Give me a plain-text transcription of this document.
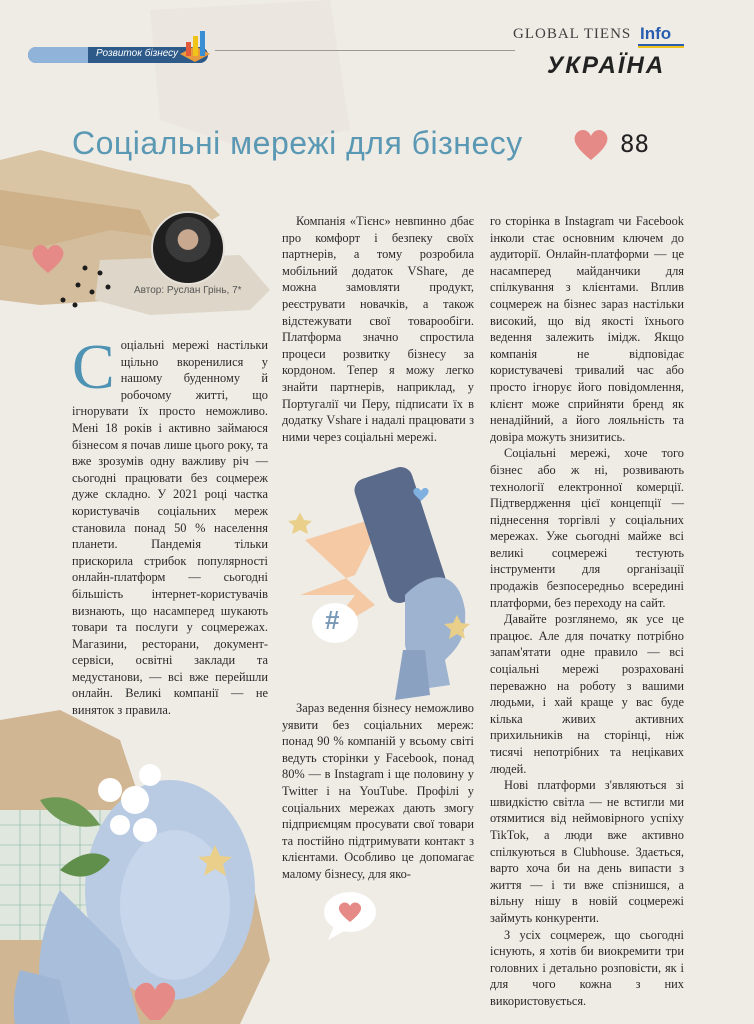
Розвиток бізнесу
GLOBAL TIENS Info
УКРАЇНА
Соціальні мережі для бізнесу	88
Автор: Руслан Грінь, 7*
С оціальні мережі настільки щільно вкоренилися у нашому буденному й робочому житті, що ігнорувати їх просто неможливо. Мені 18 років і активно займаюся бізнесом я почав лише цього року, та вже зрозумів одну важливу річ — сьогодні працювати без соцмереж дуже складно. У 2021 році частка користувачів соціальних мереж становила понад 50 % населення планети. Пандемія тільки прискорила стрибок популярності онлайн-платформ — сьогодні більшість інтернет-користувачів визнають, що насамперед шукають товари та послуги у соцмережах. Магазини, ресторани, документ-сервіси, освітні заклади та медустанови, — всі вже перейшли онлайн. Великі компанії — не виняток з правила.

Компанія «Тієнс» невпинно дбає про комфорт і безпеку своїх партнерів, а тому розробила мобільний додаток VShare, де можна замовляти продукт, реєструвати новачків, а також відстежувати свої товарообіги. Платформа значно спростила процеси розвитку бізнесу за кордоном. Тепер я можу легко знайти партнерів, наприклад, у Португалії чи Перу, підписати їх в додатку Vshare і надалі працювати з ними через соціальні мережі.

#

Зараз ведення бізнесу неможливо уявити без соціальних мереж: понад 90 % компаній у всьому світі ведуть сторінки у Facebook, понад 80% — в Instagram і ще половину у Twitter і на YouTube. Профілі у соціальних мережах дають змогу підприємцям просувати свої товари та постійно підтримувати контакт з клієнтами. Особливо це допомагає малому бізнесу, для яко-

го сторінка в Instagram чи Facebook інколи стає основним ключем до аудиторії. Онлайн-платформи — це насамперед майданчики для спілкування з клієнтами. Вплив соцмереж на бізнес зараз настільки високий, що від якості їхнього ведення залежить імідж. Якщо компанія не відповідає користувачеві тривалий час або просто ігнорує його повідомлення, клієнт може сприйняти бренд як ненадійний, а його лояльність та довіра можуть знизитись.

Соціальні мережі, хоче того бізнес або ж ні, розвивають технології електронної комерції. Підтвердження цієї концепції — піднесення торгівлі у соціальних мережах. Уже сьогодні майже всі великі соцмережі тестують інструменти для організації продажів безпосередньо всередині платформи, без переходу на сайт.

Давайте розглянемо, як усе це працює. Але для початку потрібно запам'ятати одне правило — всі соціальні мережі розраховані переважно на роботу з вашими людьми, і хай краще у вас буде кілька живих активних прихильників на сторінці, ніж тисячі непотрібних та нецікавих людей.

Нові платформи з'являються зі швидкістю світла — не встигли ми отямитися від неймовірного успіху TikTok, а люди вже активно спілкуються в Clubhouse. Здається, варто хоча би на день випасти з життя — і ти вже спізнишся, а вільну нішу в новій соцмережі займуть конкуренти.

З усіх соцмереж, що сьогодні існують, я хотів би виокремити три головних і детально розповісти, як і для чого кожна з них використовується.
